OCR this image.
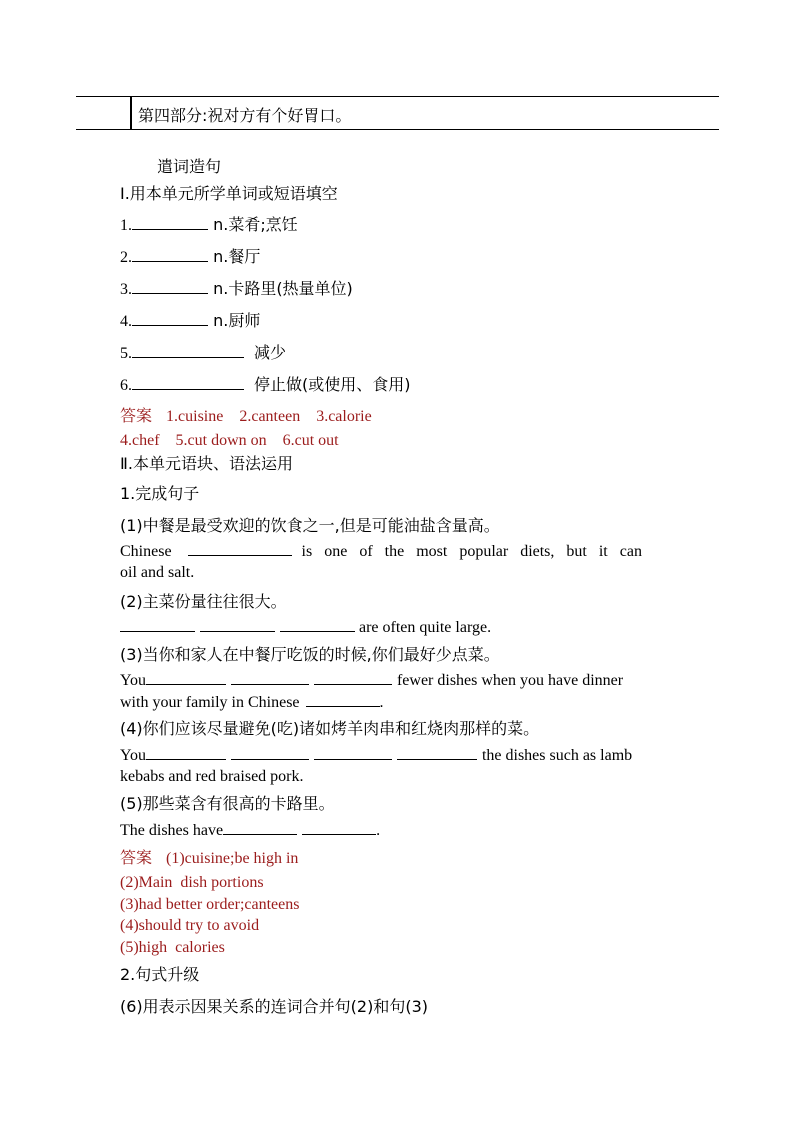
第四部分:祝对方有个好胃口。
遣词造句
Ⅰ.用本单元所学单词或短语填空
1.	n.菜肴;烹饪
2.	n.餐厅
3.	n.卡路里(热量单位)
4.	n.厨师
5.	减少
6.	停止做(或使用、食用)
答案 1.cuisine    2.canteen    3.calorie
4.chef    5.cut down on    6.cut out
Ⅱ.本单元语块、语法运用
1.完成句子
(1)中餐是最受欢迎的饮食之一,但是可能油盐含量高。
Chinese	is   one   of   the   most   popular   diets,   but   it   can
oil and salt.
(2)主菜份量往往很大。
are often quite large.
(3)当你和家人在中餐厅吃饭的时候,你们最好少点菜。
You	fewer dishes when you have dinner
with your family in Chinese	.
(4)你们应该尽量避免(吃)诸如烤羊肉串和红烧肉那样的菜。
You	the dishes such as lamb
kebabs and red braised pork.
(5)那些菜含有很高的卡路里。
The dishes have	.
答案 (1)cuisine;be high in
(2)Main  dish portions
(3)had better order;canteens
(4)should try to avoid
(5)high  calories
2.句式升级
(6)用表示因果关系的连词合并句(2)和句(3)
